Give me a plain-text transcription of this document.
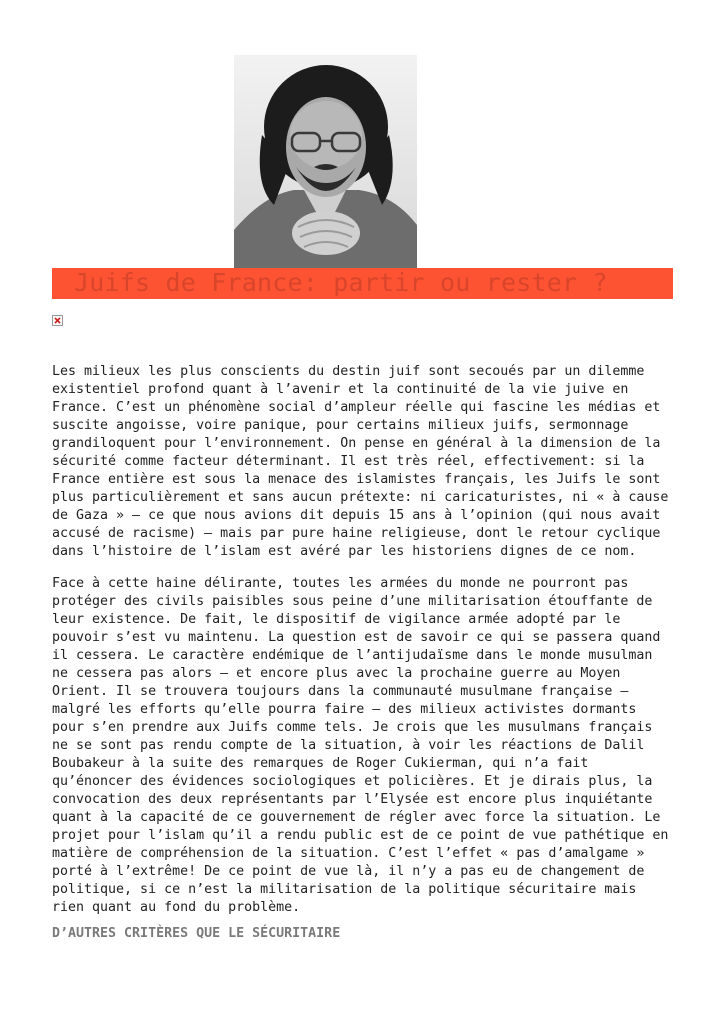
Juifs de France: partir ou rester ?

Les milieux les plus conscients du destin juif sont secoués par un dilemme
existentiel profond quant à l’avenir et la continuité de la vie juive en
France. C’est un phénomène social d’ampleur réelle qui fascine les médias et
suscite angoisse, voire panique, pour certains milieux juifs, sermonnage
grandiloquent pour l’environnement. On pense en général à la dimension de la
sécurité comme facteur déterminant. Il est très réel, effectivement: si la
France entière est sous la menace des islamistes français, les Juifs le sont
plus particulièrement et sans aucun prétexte: ni caricaturistes, ni « à cause
de Gaza » — ce que nous avions dit depuis 15 ans à l’opinion (qui nous avait
accusé de racisme) — mais par pure haine religieuse, dont le retour cyclique
dans l’histoire de l’islam est avéré par les historiens dignes de ce nom.

Face à cette haine délirante, toutes les armées du monde ne pourront pas
protéger des civils paisibles sous peine d’une militarisation étouffante de
leur existence. De fait, le dispositif de vigilance armée adopté par le
pouvoir s’est vu maintenu. La question est de savoir ce qui se passera quand
il cessera. Le caractère endémique de l’antijudaïsme dans le monde musulman
ne cessera pas alors — et encore plus avec la prochaine guerre au Moyen
Orient. Il se trouvera toujours dans la communauté musulmane française —
malgré les efforts qu’elle pourra faire — des milieux activistes dormants
pour s’en prendre aux Juifs comme tels. Je crois que les musulmans français
ne se sont pas rendu compte de la situation, à voir les réactions de Dalil
Boubakeur à la suite des remarques de Roger Cukierman, qui n’a fait
qu’énoncer des évidences sociologiques et policières. Et je dirais plus, la
convocation des deux représentants par l’Elysée est encore plus inquiétante
quant à la capacité de ce gouvernement de régler avec force la situation. Le
projet pour l’islam qu’il a rendu public est de ce point de vue pathétique en
matière de compréhension de la situation. C’est l’effet « pas d’amalgame »
porté à l’extrême! De ce point de vue là, il n’y a pas eu de changement de
politique, si ce n’est la militarisation de la politique sécuritaire mais
rien quant au fond du problème.

D’AUTRES CRITÈRES QUE LE SÉCURITAIRE
